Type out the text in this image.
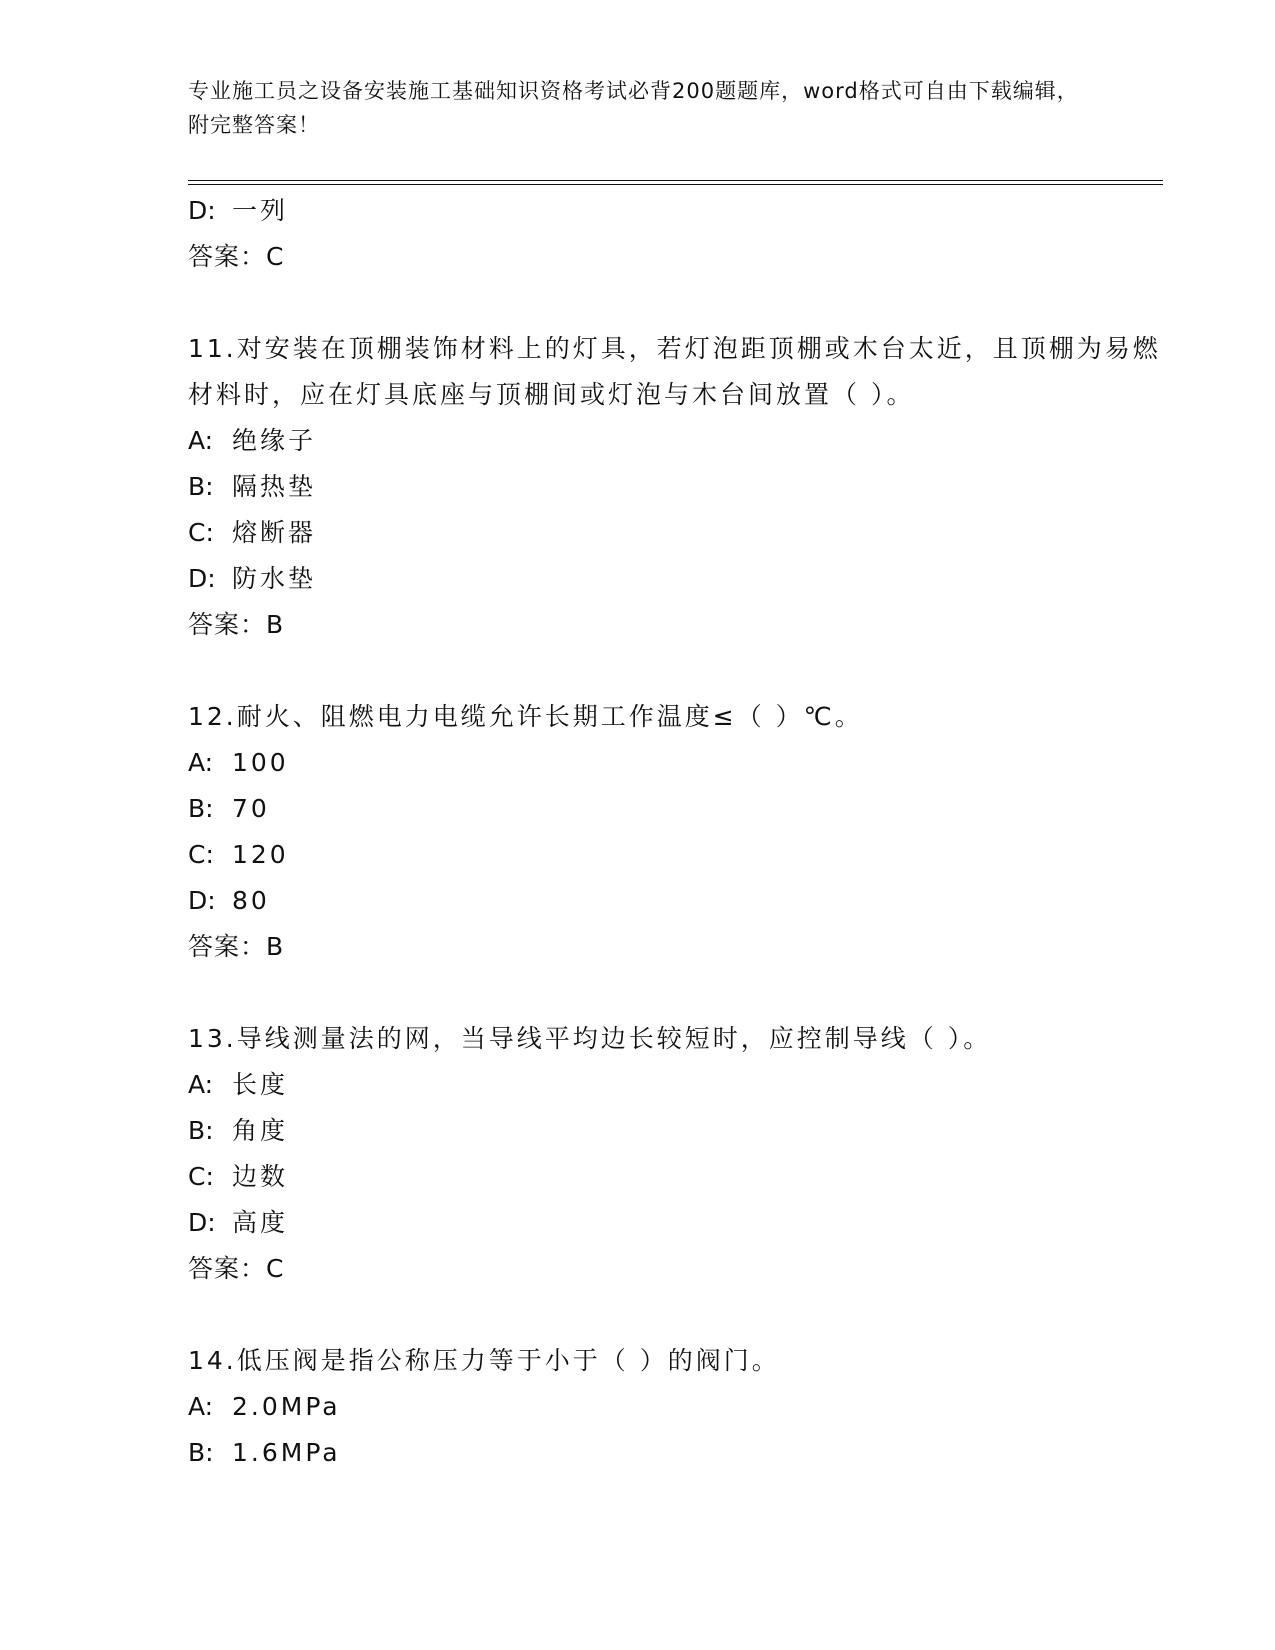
专业施工员之设备安装施工基础知识资格考试必背200题题库，word格式可自由下载编辑，附完整答案！
D: 一列
答案：C
11.对安装在顶棚装饰材料上的灯具，若灯泡距顶棚或木台太近，且顶棚为易燃材料时，应在灯具底座与顶棚间或灯泡与木台间放置（ ）。
A: 绝缘子
B: 隔热垫
C: 熔断器
D: 防水垫
答案：B
12.耐火、阻燃电力电缆允许长期工作温度≤（ ）℃。
A: 100
B: 70
C: 120
D: 80
答案：B
13.导线测量法的网，当导线平均边长较短时，应控制导线（ ）。
A: 长度
B: 角度
C: 边数
D: 高度
答案：C
14.低压阀是指公称压力等于小于（ ）的阀门。
A: 2.0MPa
B: 1.6MPa
